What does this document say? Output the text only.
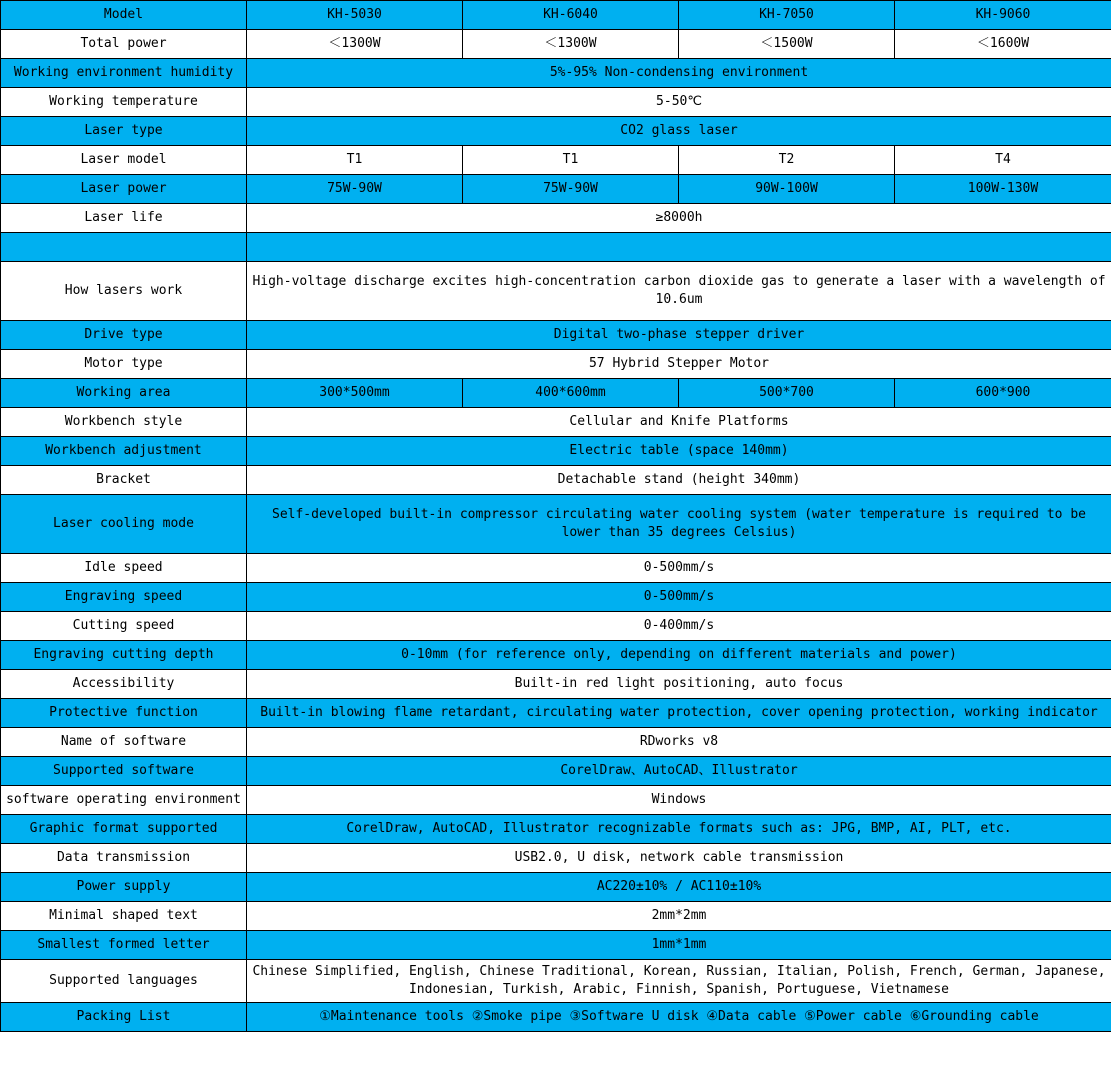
Model	KH-5030	KH-6040	KH-7050	KH-9060
Total power	＜1300W	＜1300W	＜1500W	＜1600W
Working environment humidity	5%-95% Non-condensing environment			
Working temperature	5-50℃			
Laser type	CO2 glass laser			
Laser model	T1	T1	T2	T4
Laser power	75W-90W	75W-90W	90W-100W	100W-130W
Laser life	≥8000h			

How lasers work	High-voltage discharge excites high-concentration carbon dioxide gas to generate a laser with a wavelength of 10.6um			
Drive type	Digital two-phase stepper driver			
Motor type	57 Hybrid Stepper Motor			
Working area	300*500mm	400*600mm	500*700	600*900
Workbench style	Cellular and Knife Platforms			
Workbench adjustment	Electric table (space 140mm)			
Bracket	Detachable stand (height 340mm)			
Laser cooling mode	Self-developed built-in compressor circulating water cooling system (water temperature is required to be lower than 35 degrees Celsius)			
Idle speed	0-500mm/s			
Engraving speed	0-500mm/s			
Cutting speed	0-400mm/s			
Engraving cutting depth	0-10mm (for reference only, depending on different materials and power)			
Accessibility	Built-in red light positioning, auto focus			
Protective function	Built-in blowing flame retardant, circulating water protection, cover opening protection, working indicator			
Name of software	RDworks v8			
Supported software	CorelDraw、AutoCAD、Illustrator			
software operating environment	Windows			
Graphic format supported	CorelDraw, AutoCAD, Illustrator recognizable formats such as: JPG, BMP, AI, PLT, etc.			
Data transmission	USB2.0, U disk, network cable transmission			
Power supply	AC220±10% / AC110±10%			
Minimal shaped text	2mm*2mm			
Smallest formed letter	1mm*1mm			
Supported languages	Chinese Simplified, English, Chinese Traditional, Korean, Russian, Italian, Polish, French, German, Japanese, Indonesian, Turkish, Arabic, Finnish, Spanish, Portuguese, Vietnamese			
Packing List	①Maintenance tools ②Smoke pipe ③Software U disk ④Data cable ⑤Power cable ⑥Grounding cable			
